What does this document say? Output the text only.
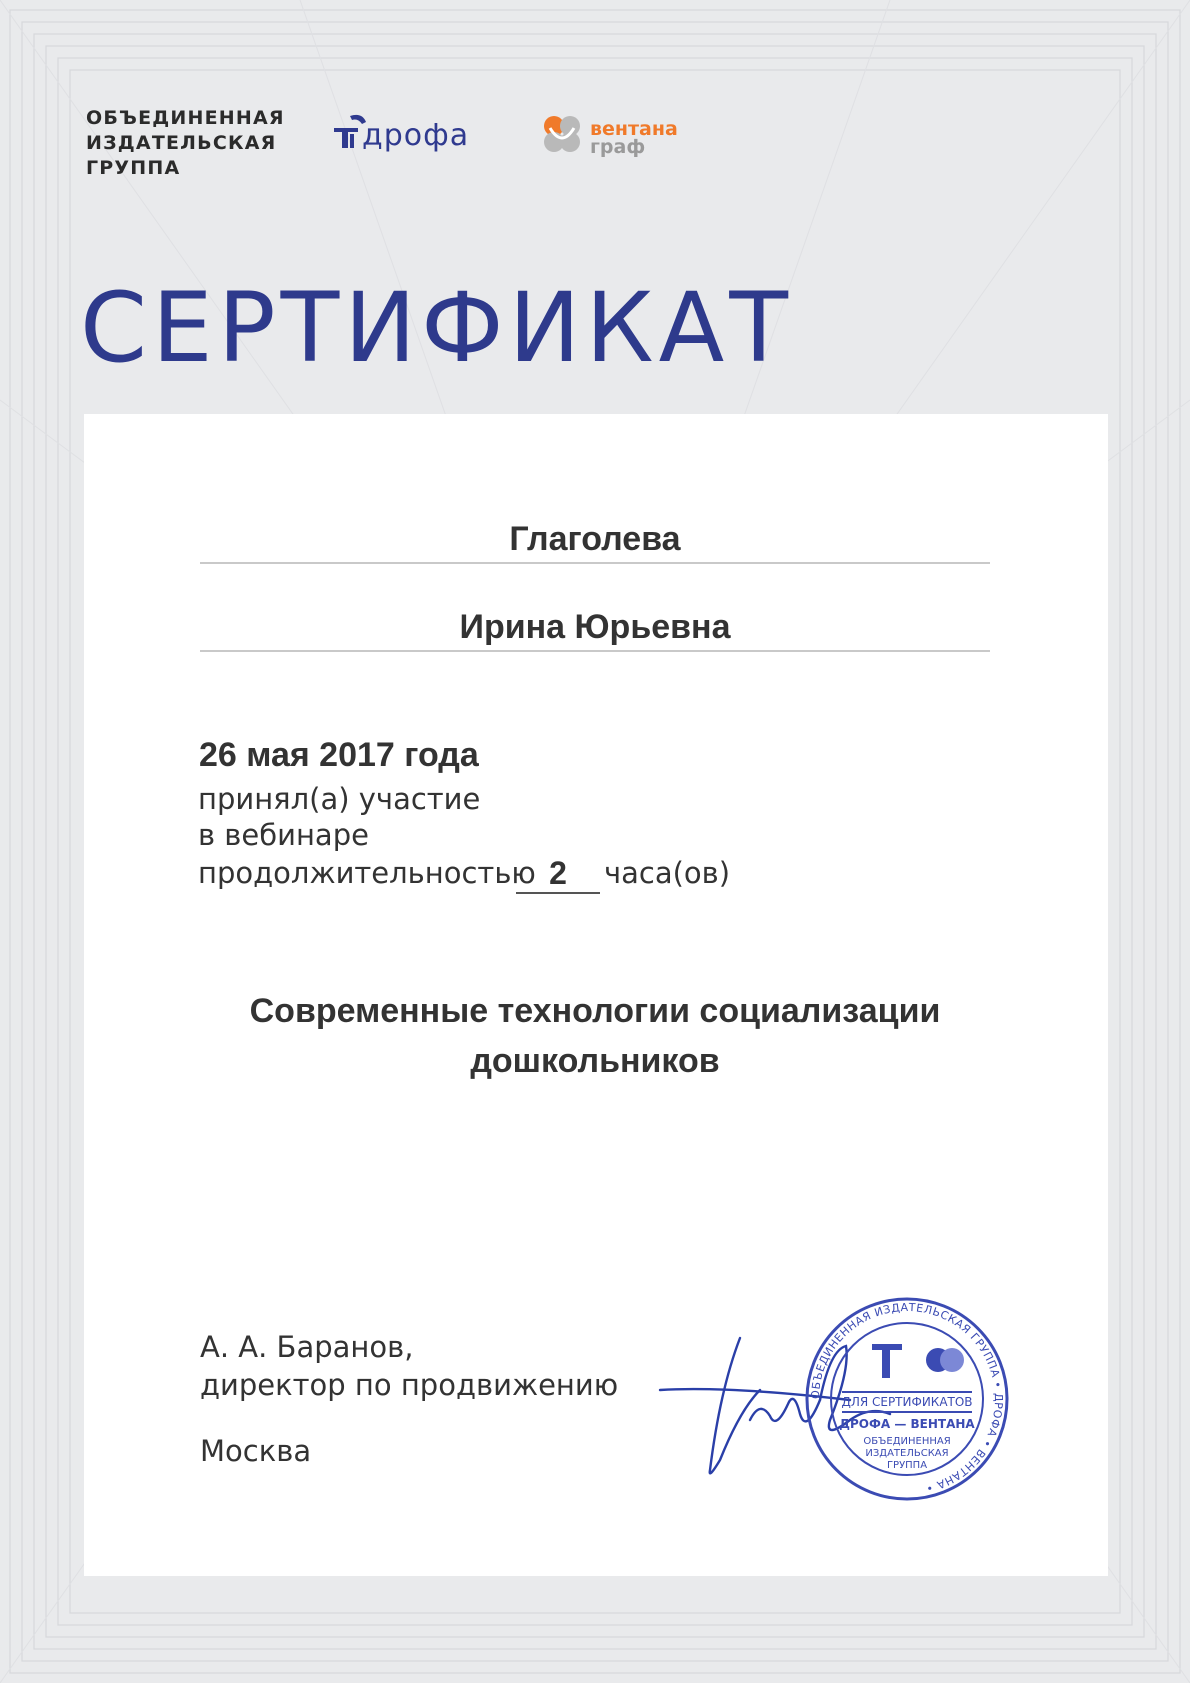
ОБЪЕДИНЕННАЯ
ИЗДАТЕЛЬСКАЯ
ГРУППА
дрофа	вентана
граф
СЕРТИФИКАТ
Глаголева
Ирина Юрьевна
26 мая 2017 года
принял(а) участие
в вебинаре
продолжительностью 2	часа(ов)
Современные технологии социализации
дошкольников
А. А. Баранов,
директор по продвижению
Москва
ОБЪЕДИНЕННАЯ ИЗДАТЕЛЬСКАЯ ГРУППА • ДРОФА • ВЕНТАНА •
ДЛЯ СЕРТИФИКАТОВ
ДРОФА — ВЕНТАНА
ОБЪЕДИНЕННАЯ
ИЗДАТЕЛЬСКАЯ
ГРУППА
